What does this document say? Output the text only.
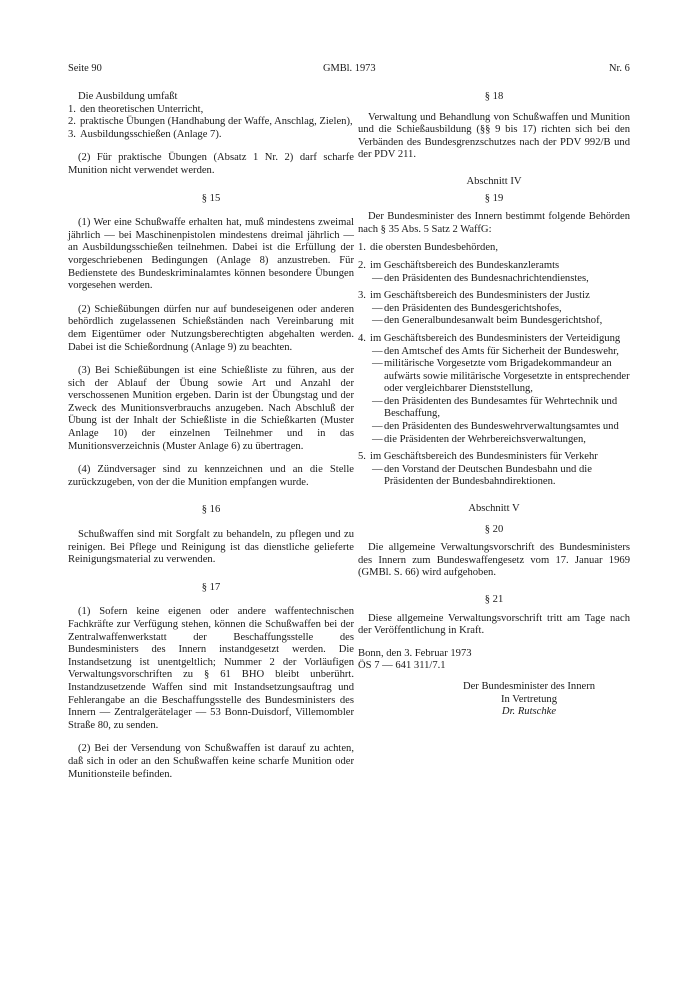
Seite 90	GMBl. 1973	Nr. 6

Die Ausbildung umfaßt

1. den theoretischen Unterricht,
2. praktische Übungen (Handhabung der Waffe, Anschlag, Zielen),
3. Ausbildungsschießen (Anlage 7).

(2) Für praktische Übungen (Absatz 1 Nr. 2) darf scharfe Munition nicht verwendet werden.

§ 15

(1) Wer eine Schußwaffe erhalten hat, muß mindestens zweimal jährlich — bei Maschinenpistolen mindestens dreimal jährlich — an Ausbildungsschießen teilnehmen. Dabei ist die Erfüllung der vorgeschriebenen Bedingungen (Anlage 8) anzustreben. Für Bedienstete des Bundeskriminalamtes können besondere Übungen vorgesehen werden.

(2) Schießübungen dürfen nur auf bundeseigenen oder anderen behördlich zugelassenen Schießständen nach Vereinbarung mit dem Eigentümer oder Nutzungsberechtigten abgehalten werden. Dabei ist die Schießordnung (Anlage 9) zu beachten.

(3) Bei Schießübungen ist eine Schießliste zu führen, aus der sich der Ablauf der Übung sowie Art und Anzahl der verschossenen Munition ergeben. Darin ist der Übungstag und der Zweck des Munitionsverbrauchs anzugeben. Nach Abschluß der Übung ist der Inhalt der Schießliste in die Schießkarten (Muster Anlage 10) der einzelnen Teilnehmer und in das Munitionsverzeichnis (Muster Anlage 6) zu übertragen.

(4) Zündversager sind zu kennzeichnen und an die Stelle zurückzugeben, von der die Munition empfangen wurde.

§ 16

Schußwaffen sind mit Sorgfalt zu behandeln, zu pflegen und zu reinigen. Bei Pflege und Reinigung ist das dienstliche gelieferte Reinigungsmaterial zu verwenden.

§ 17

(1) Sofern keine eigenen oder andere waffentechnischen Fachkräfte zur Verfügung stehen, können die Schußwaffen bei der Zentralwaffenwerkstatt der Beschaffungsstelle des Bundesministers des Innern instandgesetzt werden. Die Instandsetzung ist unentgeltlich; Nummer 2 der Vorläufigen Verwaltungsvorschriften zu § 61 BHO bleibt unberührt. Instandzusetzende Waffen sind mit Instandsetzungsauftrag und Fehlerangabe an die Beschaffungsstelle des Bundesministers des Innern — Zentralgerätelager — 53 Bonn-Duisdorf, Villemombler Straße 80, zu senden.

(2) Bei der Versendung von Schußwaffen ist darauf zu achten, daß sich in oder an den Schußwaffen keine scharfe Munition oder Munitionsteile befinden.

§ 18

Verwaltung und Behandlung von Schußwaffen und Munition und die Schießausbildung (§§ 9 bis 17) richten sich bei den Verbänden des Bundesgrenzschutzes nach der PDV 992/B und der PDV 211.

Abschnitt IV
§ 19

Der Bundesminister des Innern bestimmt folgende Behörden nach § 35 Abs. 5 Satz 2 WaffG:

1. die obersten Bundesbehörden,
2. im Geschäftsbereich des Bundeskanzleramts
— den Präsidenten des Bundesnachrichtendienstes,
3. im Geschäftsbereich des Bundesministers der Justiz
— den Präsidenten des Bundesgerichtshofes,
— den Generalbundesanwalt beim Bundesgerichtshof,
4. im Geschäftsbereich des Bundesministers der Verteidigung
— den Amtschef des Amts für Sicherheit der Bundeswehr,
— militärische Vorgesetzte vom Brigadekommandeur an aufwärts sowie militärische Vorgesetzte in entsprechender oder vergleichbarer Dienststellung,
— den Präsidenten des Bundesamtes für Wehrtechnik und Beschaffung,
— den Präsidenten des Bundeswehrverwaltungsamtes und
— die Präsidenten der Wehrbereichsverwaltungen,
5. im Geschäftsbereich des Bundesministers für Verkehr
— den Vorstand der Deutschen Bundesbahn und die Präsidenten der Bundesbahndirektionen.
Abschnitt V
§ 20

Die allgemeine Verwaltungsvorschrift des Bundesministers des Innern zum Bundeswaffengesetz vom 17. Januar 1969 (GMBl. S. 66) wird aufgehoben.

§ 21

Diese allgemeine Verwaltungsvorschrift tritt am Tage nach der Veröffentlichung in Kraft.

Bonn, den 3. Februar 1973

ÖS 7 — 641 311/7.1

Der Bundesminister des Innern
In Vertretung
Dr. Rutschke
